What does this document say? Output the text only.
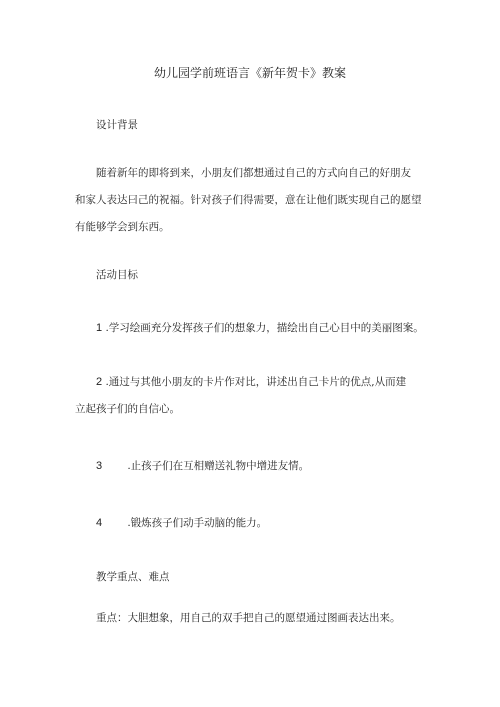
幼儿园学前班语言《新年贺卡》教案
设计背景
随着新年的即将到来，小朋友们都想通过自己的方式向自己的好朋友
和家人表达曰己的祝福。针对孩子们得需要，意在让他们既实现自己的愿望
有能够学会到东西。
活动目标
1 .学习绘画充分发挥孩子们的想象力，描绘出自己心目中的美丽图案。
2 .通过与其他小朋友的卡片作对比，讲述出自己卡片的优点,从而建
立起孩子们的自信心。
3 .止孩子们在互相赠送礼物中增进友情。
4 .锻炼孩子们动手动脑的能力。
教学重点、难点
重点：大胆想象，用自己的双手把自己的愿望通过图画表达出来。
